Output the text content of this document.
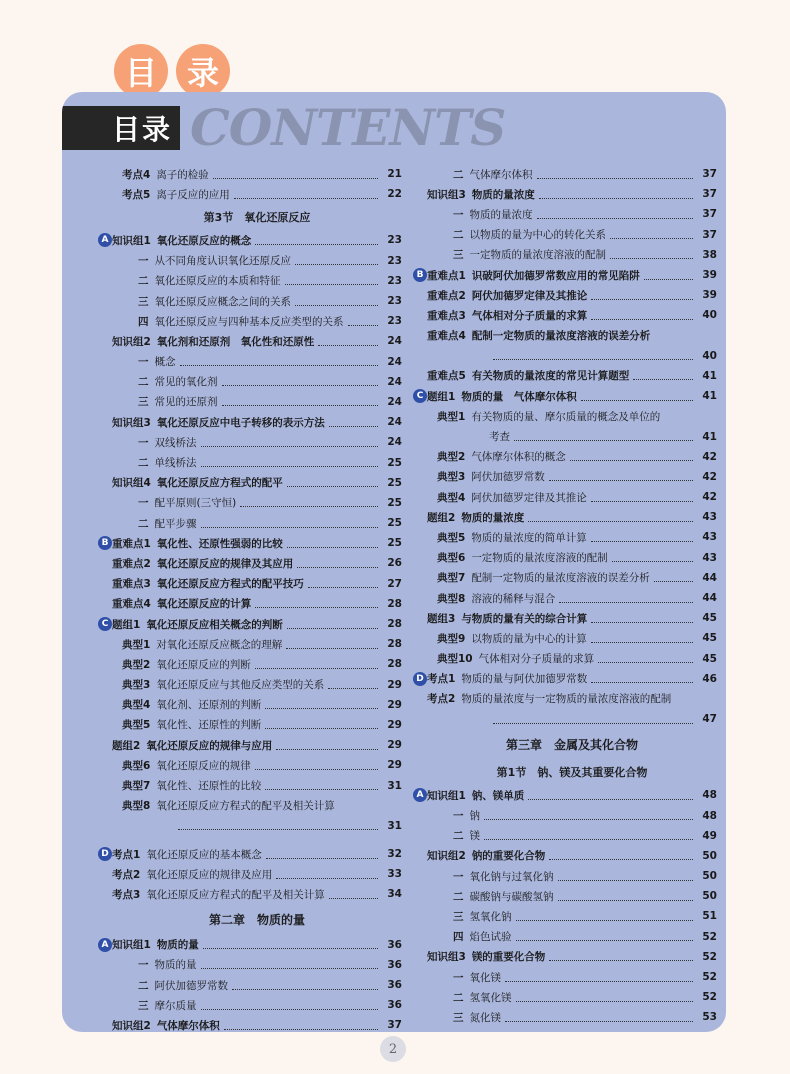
目 录
目录 CONTENTS
考点4 离子的检验	21
考点5 离子反应的应用	22
第3节　氧化还原反应
A 知识组1 氧化还原反应的概念	23
一 从不同角度认识氧化还原反应	23
二 氧化还原反应的本质和特征	23
三 氧化还原反应概念之间的关系	23
四 氧化还原反应与四种基本反应类型的关系	23
知识组2 氧化剂和还原剂　氧化性和还原性	24
一 概念	24
二 常见的氧化剂	24
三 常见的还原剂	24
知识组3 氧化还原反应中电子转移的表示方法	24
一 双线桥法	24
二 单线桥法	25
知识组4 氧化还原反应方程式的配平	25
一 配平原则(三守恒)	25
二 配平步骤	25
B 重难点1 氧化性、还原性强弱的比较	25
重难点2 氧化还原反应的规律及其应用	26
重难点3 氧化还原反应方程式的配平技巧	27
重难点4 氧化还原反应的计算	28
C 题组1 氧化还原反应相关概念的判断	28
典型1 对氧化还原反应概念的理解	28
典型2 氧化还原反应的判断	28
典型3 氧化还原反应与其他反应类型的关系	29
典型4 氧化剂、还原剂的判断	29
典型5 氧化性、还原性的判断	29
题组2 氧化还原反应的规律与应用	29
典型6 氧化还原反应的规律	29
典型7 氧化性、还原性的比较	31
典型8 氧化还原反应方程式的配平及相关计算
31
D 考点1 氧化还原反应的基本概念	32
考点2 氧化还原反应的规律及应用	33
考点3 氧化还原反应方程式的配平及相关计算	34
第二章　物质的量
A 知识组1 物质的量	36
一 物质的量	36
二 阿伏加德罗常数	36
三 摩尔质量	36
知识组2 气体摩尔体积	37
二 气体摩尔体积	37
知识组3 物质的量浓度	37
一 物质的量浓度	37
二 以物质的量为中心的转化关系	37
三 一定物质的量浓度溶液的配制	38
B 重难点1 识破阿伏加德罗常数应用的常见陷阱	39
重难点2 阿伏加德罗定律及其推论	39
重难点3 气体相对分子质量的求算	40
重难点4 配制一定物质的量浓度溶液的误差分析
40
重难点5 有关物质的量浓度的常见计算题型	41
C 题组1 物质的量　气体摩尔体积	41
典型1 有关物质的量、摩尔质量的概念及单位的
考查	41
典型2 气体摩尔体积的概念	42
典型3 阿伏加德罗常数	42
典型4 阿伏加德罗定律及其推论	42
题组2 物质的量浓度	43
典型5 物质的量浓度的简单计算	43
典型6 一定物质的量浓度溶液的配制	43
典型7 配制一定物质的量浓度溶液的误差分析	44
典型8 溶液的稀释与混合	44
题组3 与物质的量有关的综合计算	45
典型9 以物质的量为中心的计算	45
典型10 气体相对分子质量的求算	45
D 考点1 物质的量与阿伏加德罗常数	46
考点2 物质的量浓度与一定物质的量浓度溶液的配制
47
第三章　金属及其化合物
第1节　钠、镁及其重要化合物
A 知识组1 钠、镁单质	48
一 钠	48
二 镁	49
知识组2 钠的重要化合物	50
一 氧化钠与过氧化钠	50
二 碳酸钠与碳酸氢钠	50
三 氢氧化钠	51
四 焰色试验	52
知识组3 镁的重要化合物	52
一 氧化镁	52
二 氢氧化镁	52
三 氮化镁	53
2
